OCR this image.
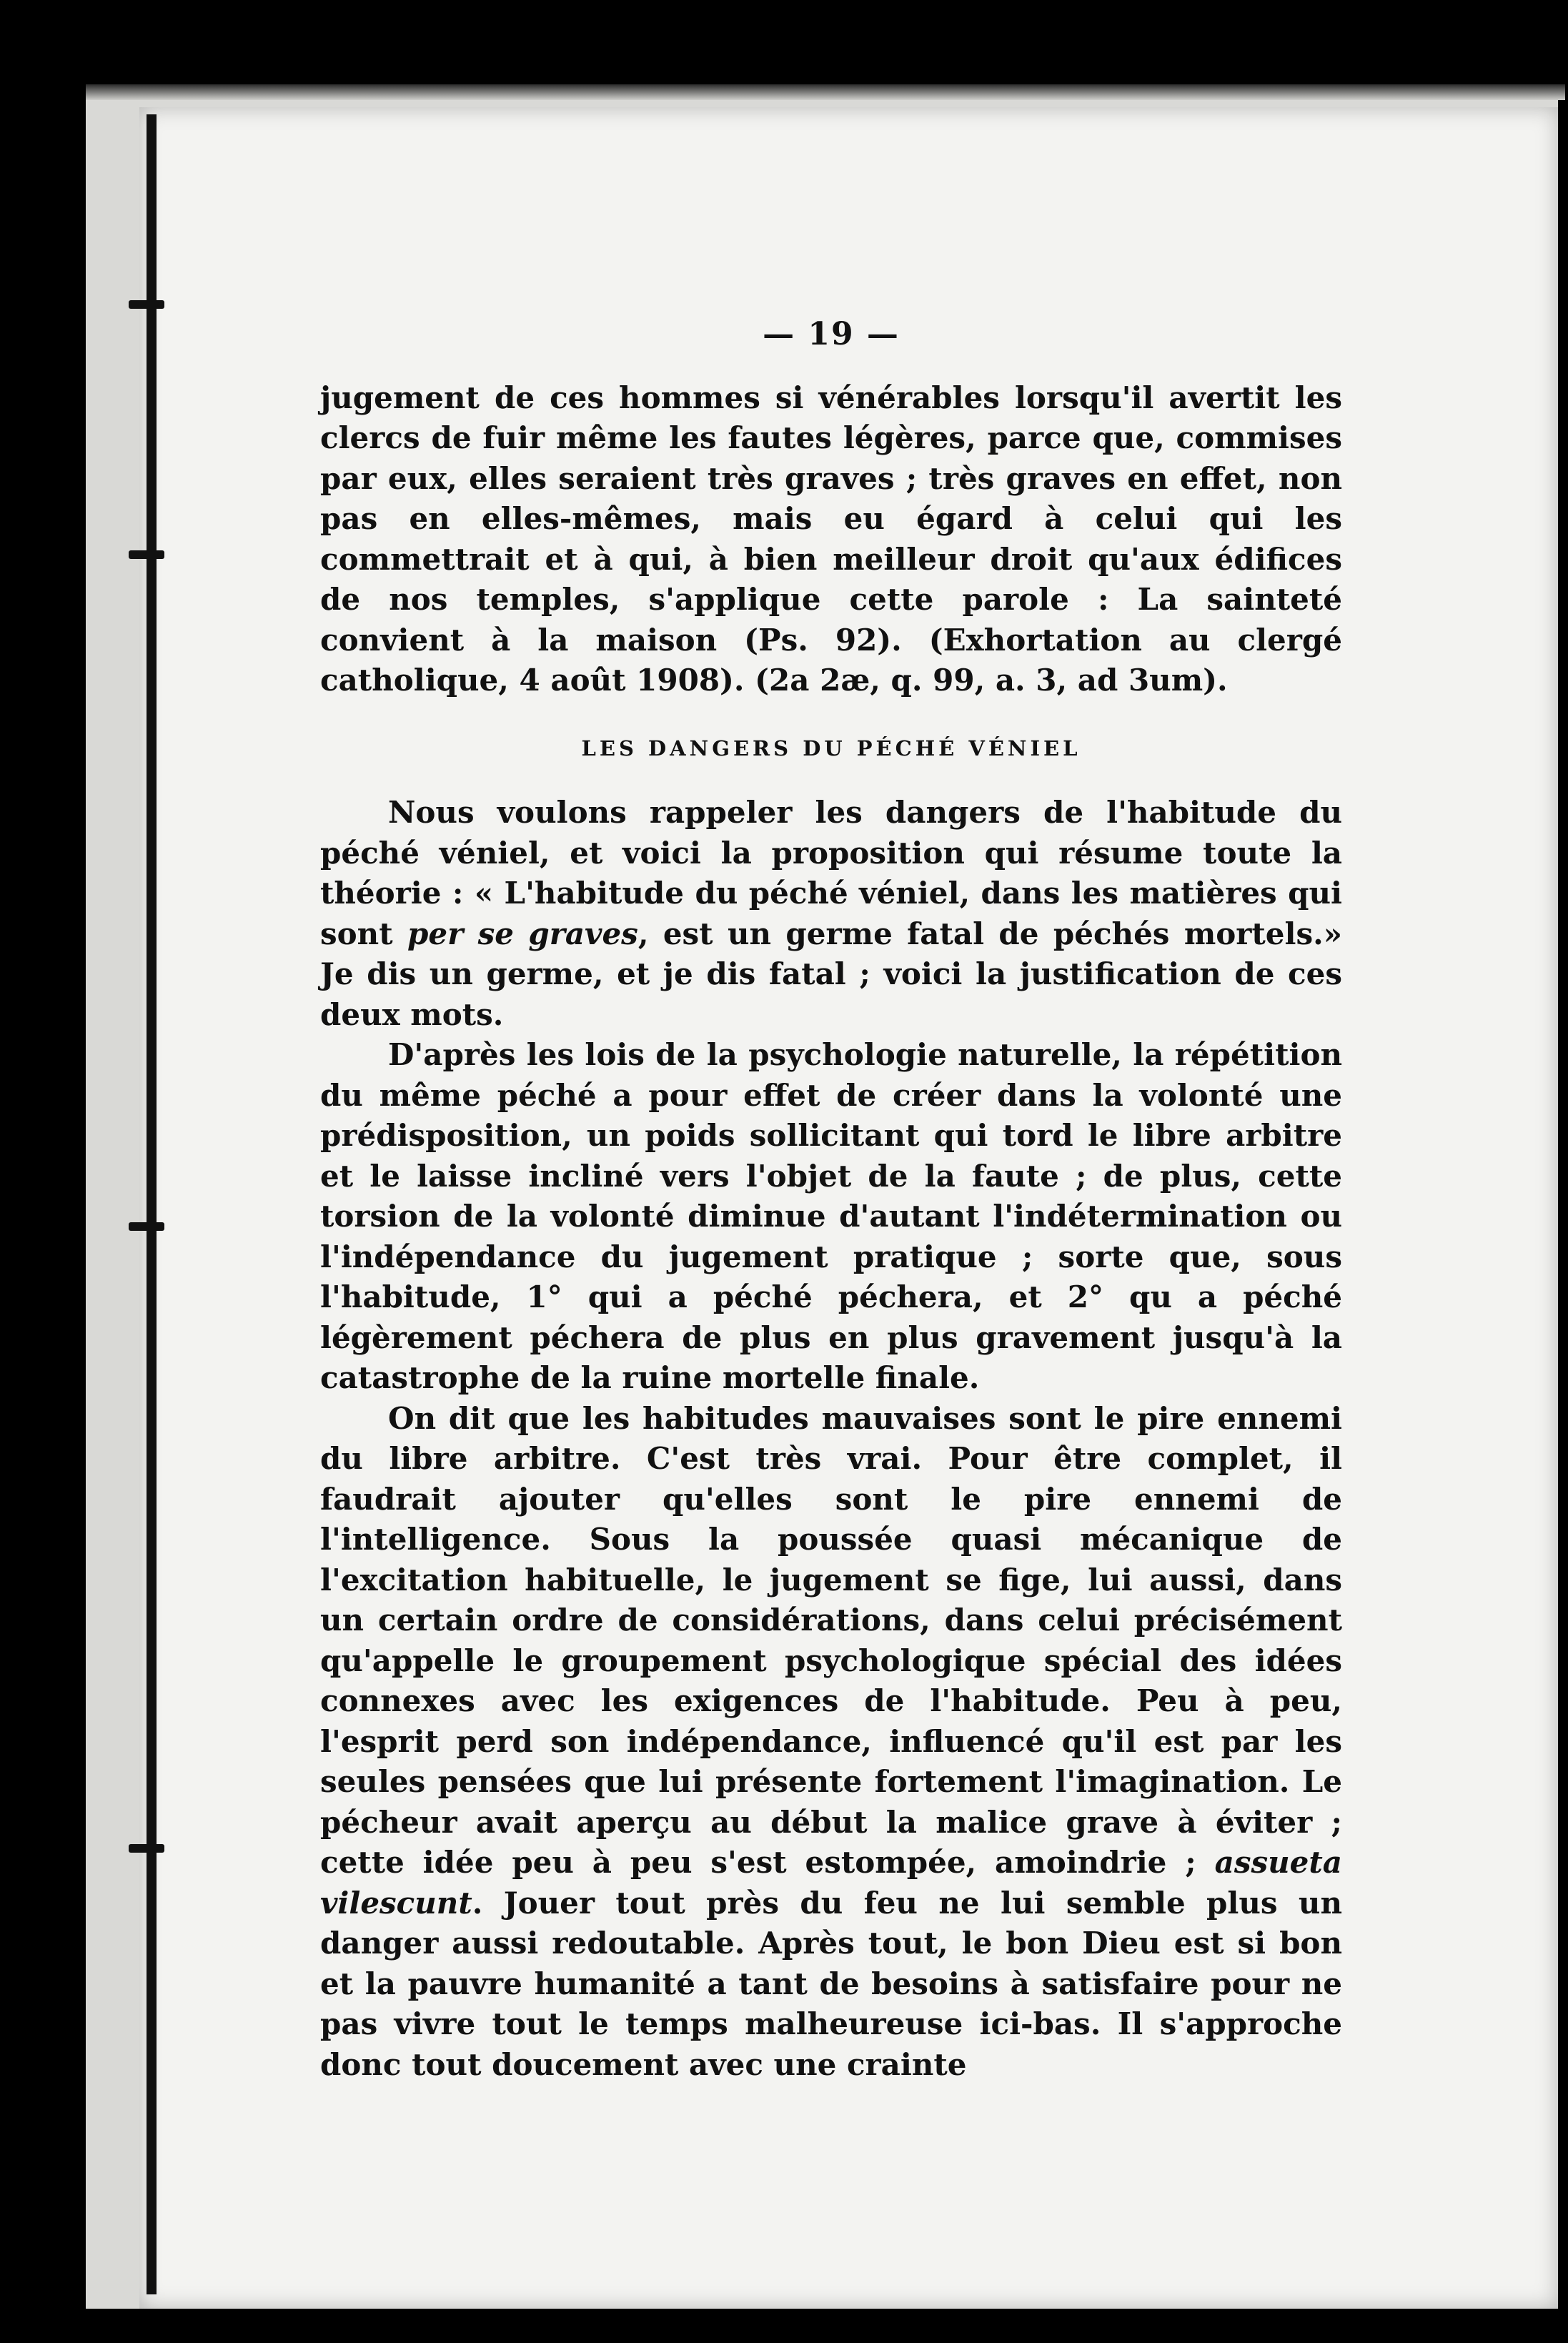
— 19 —

jugement de ces hommes si vénérables lorsqu'il avertit les clercs de fuir même les fautes légères, parce que, commises par eux, elles seraient très graves ; très graves en effet, non pas en elles-mêmes, mais eu égard à celui qui les commettrait et à qui, à bien meilleur droit qu'aux édifices de nos temples, s'applique cette parole : La sainteté convient à la maison (Ps. 92). (Exhortation au clergé catholique, 4 août 1908). (2a 2æ, q. 99, a. 3, ad 3um).

LES DANGERS DU PÉCHÉ VÉNIEL

Nous voulons rappeler les dangers de l'habitude du péché véniel, et voici la proposition qui résume toute la théorie : « L'habitude du péché véniel, dans les matières qui sont per se graves, est un germe fatal de péchés mortels.» Je dis un germe, et je dis fatal ; voici la justification de ces deux mots.

D'après les lois de la psychologie naturelle, la répétition du même péché a pour effet de créer dans la volonté une prédisposition, un poids sollicitant qui tord le libre arbitre et le laisse incliné vers l'objet de la faute ; de plus, cette torsion de la volonté diminue d'autant l'indétermination ou l'indépendance du jugement pratique ; sorte que, sous l'habitude, 1° qui a péché péchera, et 2° qu a péché légèrement péchera de plus en plus gravement jusqu'à la catastrophe de la ruine mortelle finale.

On dit que les habitudes mauvaises sont le pire ennemi du libre arbitre. C'est très vrai. Pour être complet, il faudrait ajouter qu'elles sont le pire ennemi de l'intelligence. Sous la poussée quasi mécanique de l'excitation habituelle, le jugement se fige, lui aussi, dans un certain ordre de considérations, dans celui précisément qu'appelle le groupement psychologique spécial des idées connexes avec les exigences de l'habitude. Peu à peu, l'esprit perd son indépendance, influencé qu'il est par les seules pensées que lui présente fortement l'imagination. Le pécheur avait aperçu au début la malice grave à éviter ; cette idée peu à peu s'est estompée, amoindrie ; assueta vilescunt. Jouer tout près du feu ne lui semble plus un danger aussi redoutable. Après tout, le bon Dieu est si bon et la pauvre humanité a tant de besoins à satisfaire pour ne pas vivre tout le temps malheureuse ici-bas. Il s'approche donc tout doucement avec une crainte
